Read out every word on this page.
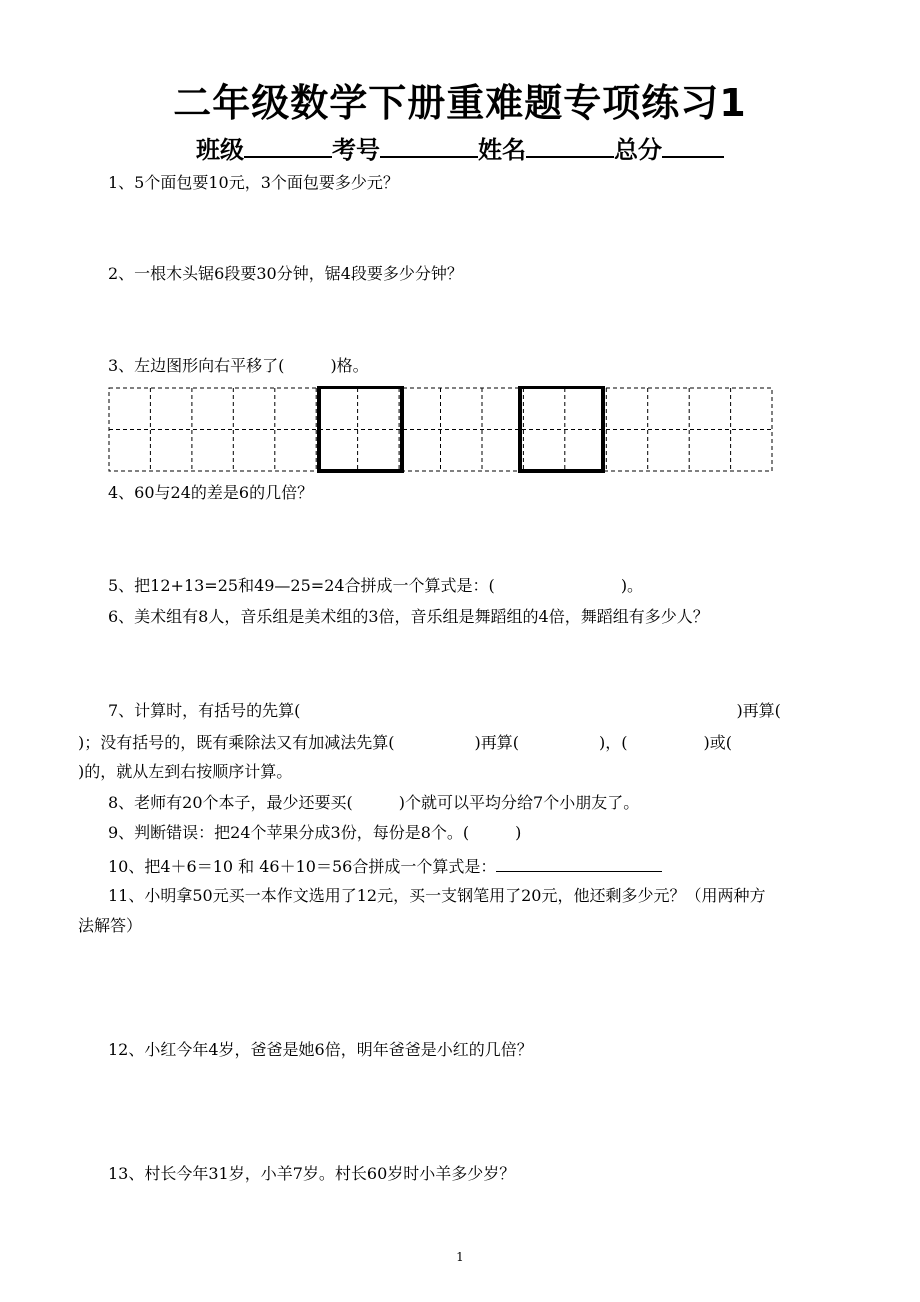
二年级数学下册重难题专项练习1
班级	考号	姓名	总分
1、5个面包要10元，3个面包要多少元？
2、一根木头锯6段要30分钟，锯4段要多少分钟？
3、左边图形向右平移了(	)格。
4、60与24的差是6的几倍？
5、把12+13=25和49—25=24合拼成一个算式是：(	)。
6、美术组有8人，音乐组是美术组的3倍，音乐组是舞蹈组的4倍，舞蹈组有多少人？
7、计算时，有括号的先算(	)再算(
)；没有括号的，既有乘除法又有加减法先算(	)再算(	)，(	)或(
)的，就从左到右按顺序计算。
8、老师有20个本子，最少还要买(	)个就可以平均分给7个小朋友了。
9、判断错误：把24个苹果分成3份，每份是8个。(	)
10、把4＋6＝10 和 46＋10＝56合拼成一个算式是：
11、小明拿50元买一本作文选用了12元，买一支钢笔用了20元，他还剩多少元？（用两种方
法解答）
12、小红今年4岁，爸爸是她6倍，明年爸爸是小红的几倍？
13、村长今年31岁，小羊7岁。村长60岁时小羊多少岁？
1
